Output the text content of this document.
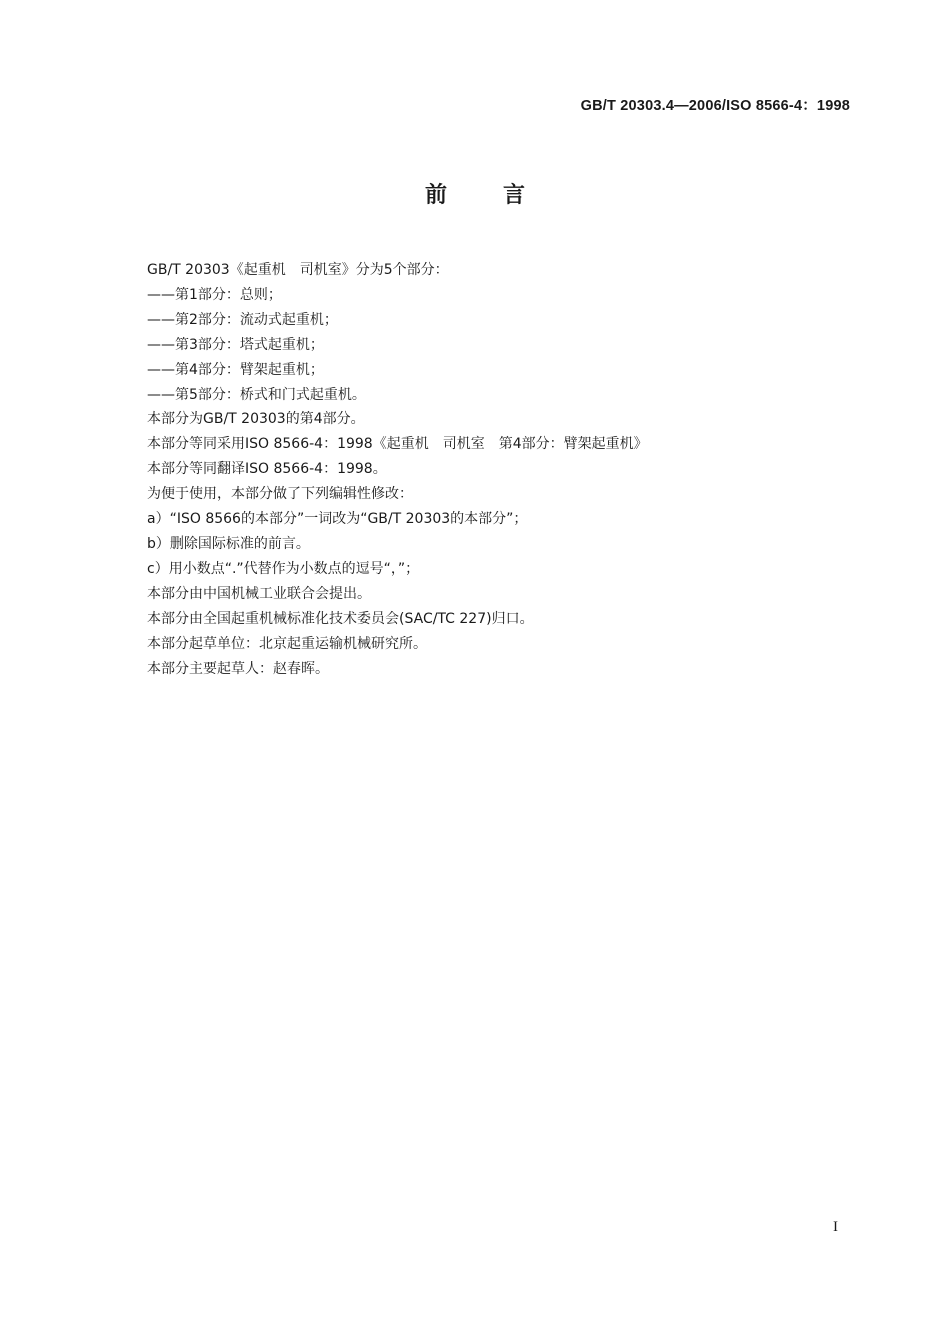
GB/T 20303.4—2006/ISO 8566-4：1998
前	言
GB/T 20303《起重机　司机室》分为5个部分：
——第1部分：总则；
——第2部分：流动式起重机；
——第3部分：塔式起重机；
——第4部分：臂架起重机；
——第5部分：桥式和门式起重机。
本部分为GB/T 20303的第4部分。
本部分等同采用ISO 8566-4：1998《起重机　司机室　第4部分：臂架起重机》
本部分等同翻译ISO 8566-4：1998。
为便于使用，本部分做了下列编辑性修改：
a）“ISO 8566的本部分”一词改为“GB/T 20303的本部分”；
b）删除国际标准的前言。
c）用小数点“.”代替作为小数点的逗号“，”；
本部分由中国机械工业联合会提出。
本部分由全国起重机械标准化技术委员会(SAC/TC 227)归口。
本部分起草单位：北京起重运输机械研究所。
本部分主要起草人：赵春晖。
I
